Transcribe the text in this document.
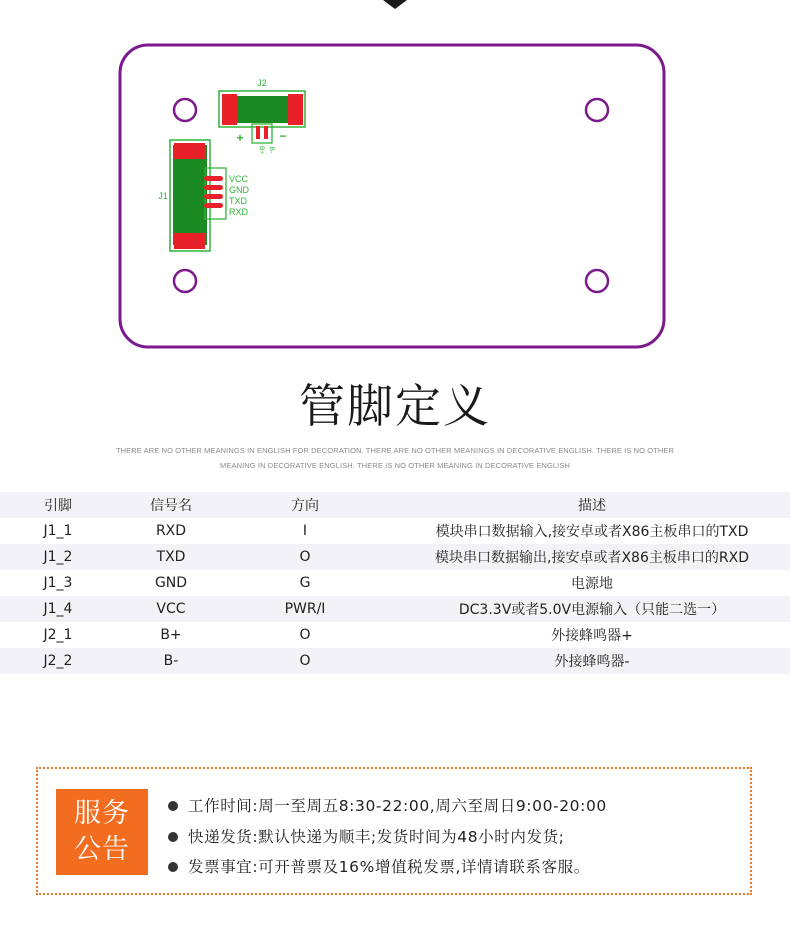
J2
+	−
B+ B-
J1
VCC
GND
TXD
RXD
管脚定义
THERE ARE NO OTHER MEANINGS IN ENGLISH FOR DECORATION. THERE ARE NO OTHER MEANINGS IN DECORATIVE ENGLISH. THERE IS NO OTHER MEANING IN DECORATIVE ENGLISH. THERE IS NO OTHER MEANING IN DECORATIVE ENGLISH
引脚	信号名	方向	描述
J1_1	RXD	I	模块串口数据输入,接安卓或者X86主板串口的TXD
J1_2	TXD	O	模块串口数据输出,接安卓或者X86主板串口的RXD
J1_3	GND	G	电源地
J1_4	VCC	PWR/I	DC3.3V或者5.0V电源输入（只能二选一）
J2_1	B+	O	外接蜂鸣器+
J2_2	B-	O	外接蜂鸣器-
服务
公告
工作时间:周一至周五8:30-22:00,周六至周日9:00-20:00
快递发货:默认快递为顺丰;发货时间为48小时内发货;
发票事宜:可开普票及16%增值税发票,详情请联系客服。
